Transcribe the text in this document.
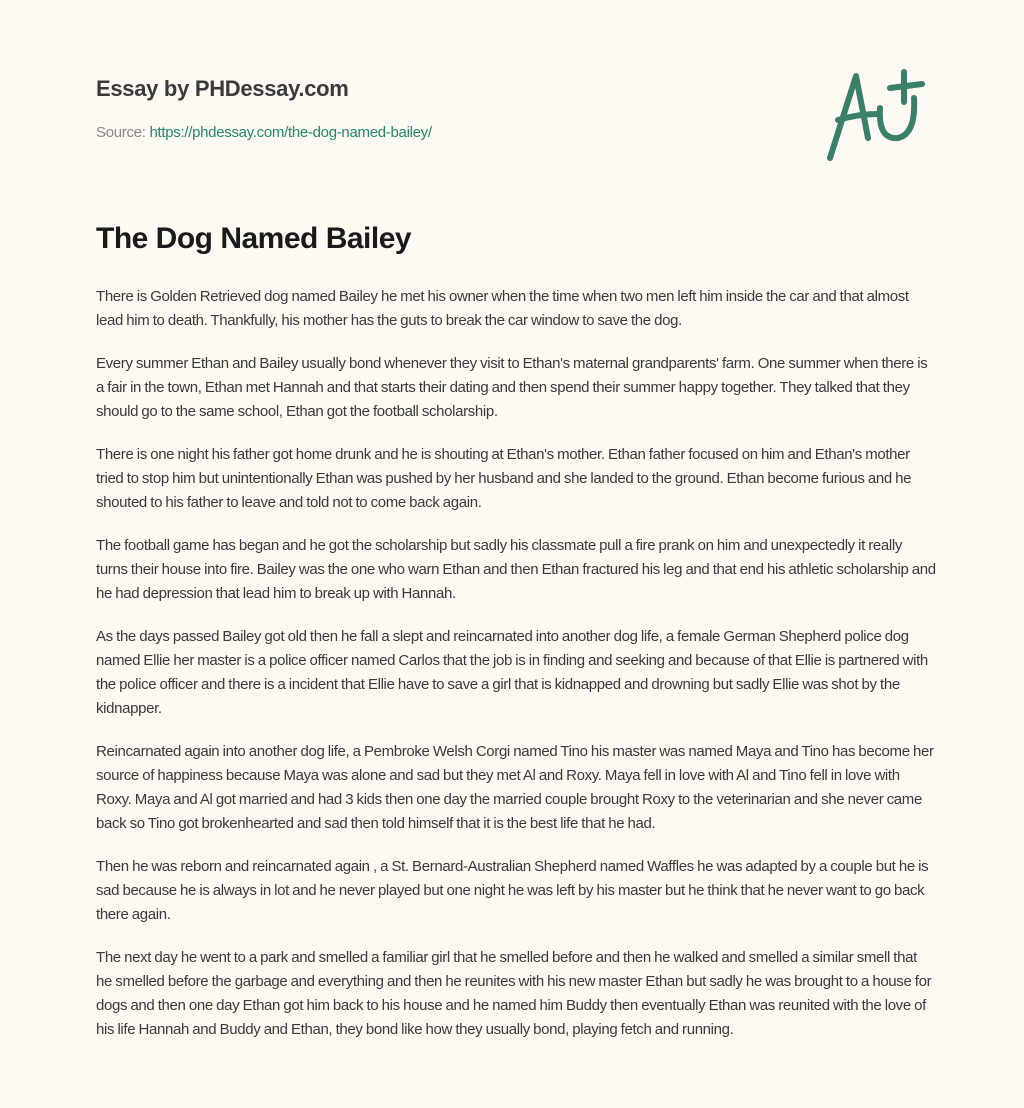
Essay by PHDessay.com
Source: https://phdessay.com/the-dog-named-bailey/
The Dog Named Bailey

There is Golden Retrieved dog named Bailey he met his owner when the time when two men left him inside the car and that almost lead him to death. Thankfully, his mother has the guts to break the car window to save the dog.

Every summer Ethan and Bailey usually bond whenever they visit to Ethan's maternal grandparents' farm. One summer when there is a fair in the town, Ethan met Hannah and that starts their dating and then spend their summer happy together. They talked that they should go to the same school, Ethan got the football scholarship.

There is one night his father got home drunk and he is shouting at Ethan's mother. Ethan father focused on him and Ethan's mother tried to stop him but unintentionally Ethan was pushed by her husband and she landed to the ground. Ethan become furious and he shouted to his father to leave and told not to come back again.

The football game has began and he got the scholarship but sadly his classmate pull a fire prank on him and unexpectedly it really turns their house into fire. Bailey was the one who warn Ethan and then Ethan fractured his leg and that end his athletic scholarship and he had depression that lead him to break up with Hannah.

As the days passed Bailey got old then he fall a slept and reincarnated into another dog life, a female German Shepherd police dog named Ellie her master is a police officer named Carlos that the job is in finding and seeking and because of that Ellie is partnered with the police officer and there is a incident that Ellie have to save a girl that is kidnapped and drowning but sadly Ellie was shot by the kidnapper.

Reincarnated again into another dog life, a Pembroke Welsh Corgi named Tino his master was named Maya and Tino has become her source of happiness because Maya was alone and sad but they met Al and Roxy. Maya fell in love with Al and Tino fell in love with Roxy. Maya and Al got married and had 3 kids then one day the married couple brought Roxy to the veterinarian and she never came back so Tino got brokenhearted and sad then told himself that it is the best life that he had.

Then he was reborn and reincarnated again , a St. Bernard-Australian Shepherd named Waffles he was adapted by a couple but he is sad because he is always in lot and he never played but one night he was left by his master but he think that he never want to go back there again.

The next day he went to a park and smelled a familiar girl that he smelled before and then he walked and smelled a similar smell that he smelled before the garbage and everything and then he reunites with his new master Ethan but sadly he was brought to a house for dogs and then one day Ethan got him back to his house and he named him Buddy then eventually Ethan was reunited with the love of his life Hannah and Buddy and Ethan, they bond like how they usually bond, playing fetch and running.
